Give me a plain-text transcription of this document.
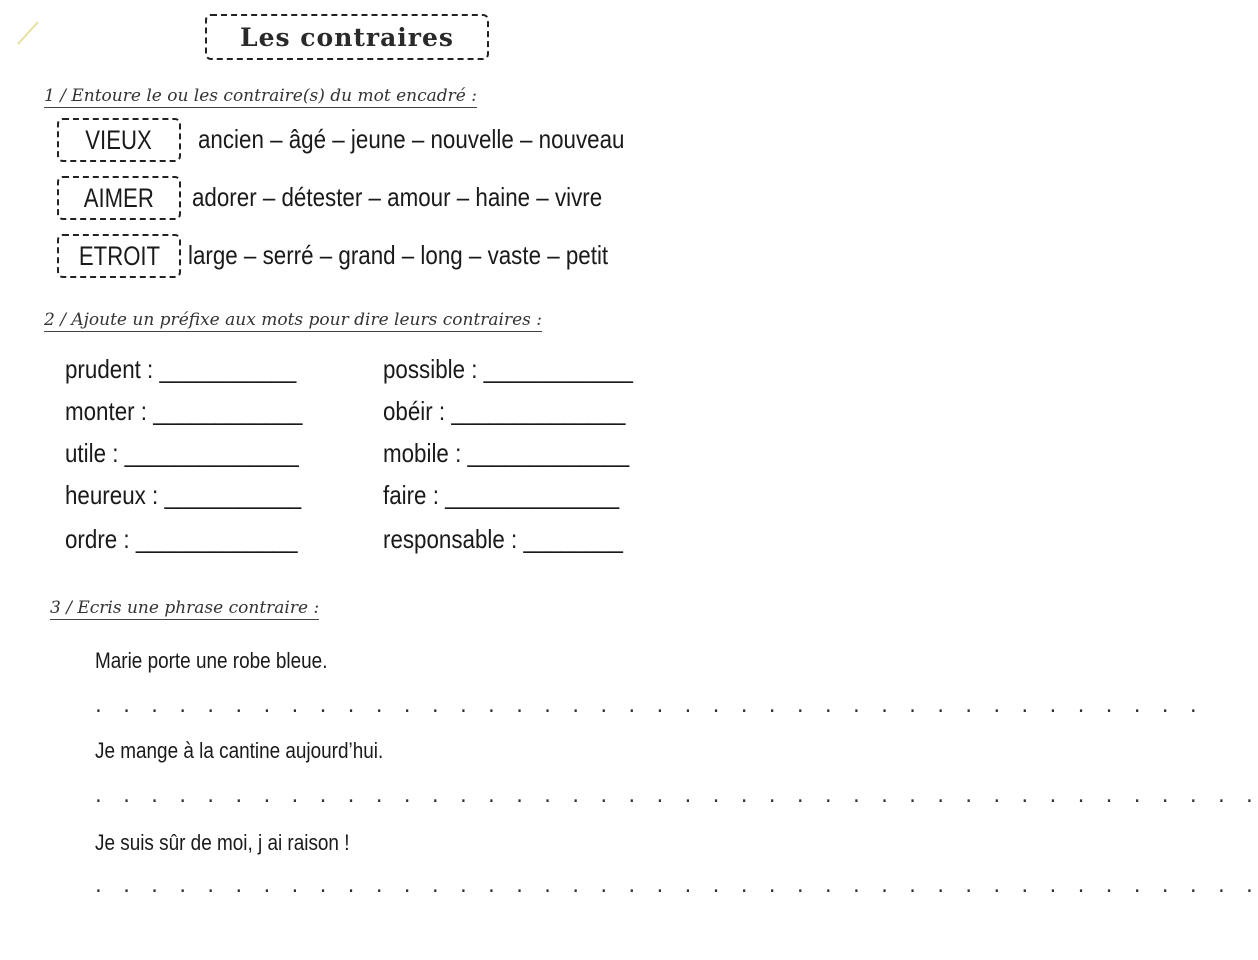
Les contraires
1 / Entoure le ou les contraire(s) du mot encadré :
VIEUX ancien – âgé – jeune – nouvelle – nouveau
AIMER adorer – détester – amour – haine – vivre
ETROIT large – serré – grand – long – vaste – petit
2 / Ajoute un préfixe aux mots pour dire leurs contraires :
prudent : ___________
monter : ____________
utile : ______________
heureux : ___________
ordre : _____________
possible : ____________
obéir : ______________
mobile : _____________
faire : ______________
responsable : ________
3 / Ecris une phrase contraire :
Marie porte une robe bleue.
. . . . . . . . . . . . . . . . . . . . . . . . . . . . . . . . . . . . . . . .
Je mange à la cantine aujourd’hui.
. . . . . . . . . . . . . . . . . . . . . . . . . . . . . . . . . . . . . . . . . .
Je suis sûr de moi, j ai raison !
. . . . . . . . . . . . . . . . . . . . . . . . . . . . . . . . . . . . . . . . . .
